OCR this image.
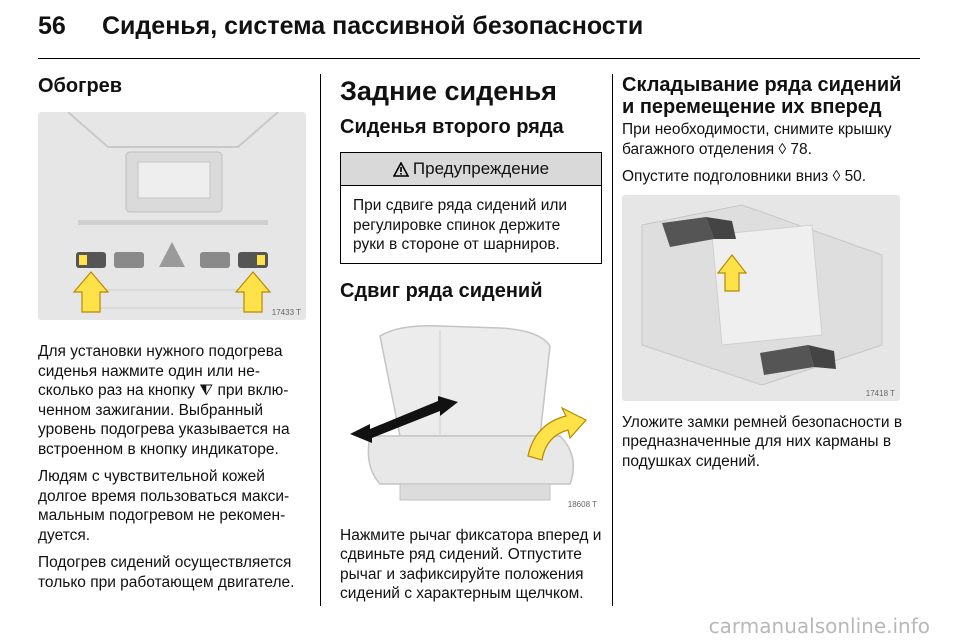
56	Сиденья, система пассивной безопасности
Обогрев
17433 T

Для установки нужного подогрева сиденья нажмите один или несколько раз на кнопку ⧨ при включенном зажигании. Выбранный уровень подогрева указывается на встроенном в кнопку индикаторе.

Людям с чувствительной кожей долгое время пользоваться максимальным подогревом не рекомендуется.

Подогрев сидений осуществляется только при работающем двигателе.

Задние сиденья
Сиденья второго ряда
Предупреждение
При сдвиге ряда сидений или регулировке спинок держите руки в стороне от шарниров.
Сдвиг ряда сидений
18608 T

Нажмите рычаг фиксатора вперед и сдвиньте ряд сидений. Отпустите рычаг и зафиксируйте положения сидений с характерным щелчком.

Складывание ряда сидений и перемещение их вперед

При необходимости, снимите крышку багажного отделения ◊ 78.

Опустите подголовники вниз ◊ 50.

17418 T

Уложите замки ремней безопасности в предназначенные для них карманы в подушках сидений.

carmanualsonline.info
